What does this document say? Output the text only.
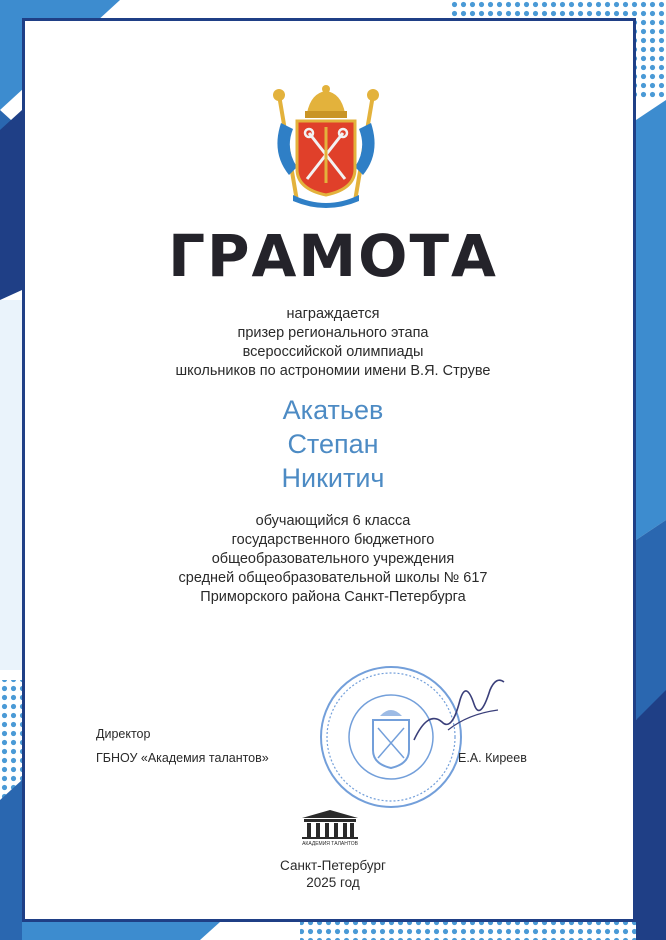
ГРАМОТА
награждается
призер регионального этапа
всероссийской олимпиады
школьников по астрономии имени В.Я. Струве
Акатьев
Степан
Никитич
обучающийся 6 класса
государственного бюджетного
общеобразовательного учреждения
средней общеобразовательной школы № 617
Приморского района Санкт-Петербурга
Директор
ГБНОУ «Академия талантов»	Е.А. Киреев
АКАДЕМИЯ ТАЛАНТОВ
Санкт-Петербург
2025 год
